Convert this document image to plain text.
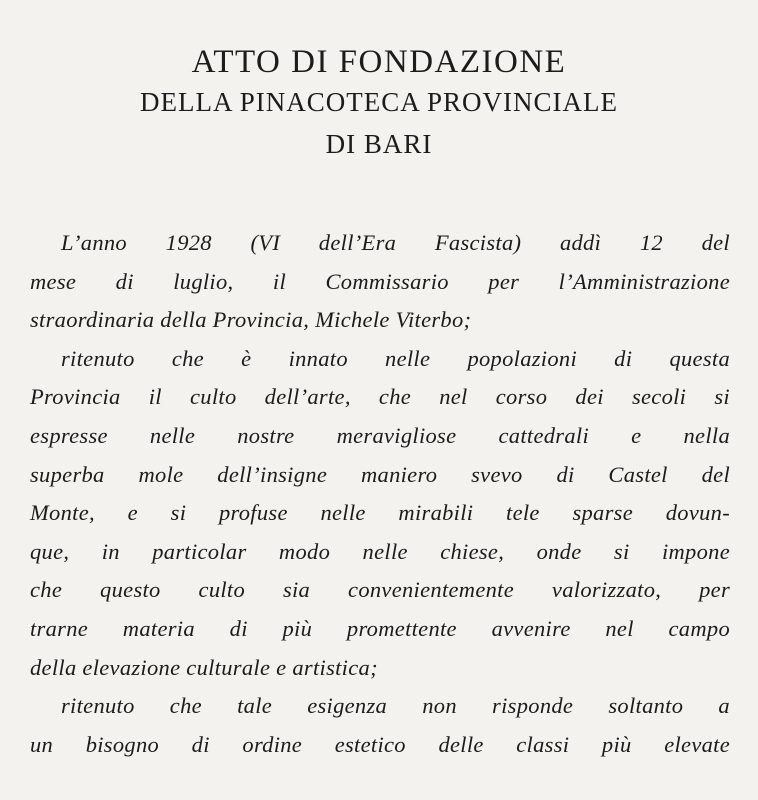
ATTO DI FONDAZIONE
DELLA PINACOTECA PROVINCIALE
DI BARI
L’anno 1928 (VI dell’Era Fascista) addì 12 del
mese di luglio, il Commissario per l’Amministrazione
straordinaria della Provincia, Michele Viterbo;
ritenuto che è innato nelle popolazioni di questa
Provincia il culto dell’arte, che nel corso dei secoli si
espresse nelle nostre meravigliose cattedrali e nella
superba mole dell’insigne maniero svevo di Castel del
Monte, e si profuse nelle mirabili tele sparse dovun-
que, in particolar modo nelle chiese, onde si impone
che questo culto sia convenientemente valorizzato, per
trarne materia di più promettente avvenire nel campo
della elevazione culturale e artistica;
ritenuto che tale esigenza non risponde soltanto a
un bisogno di ordine estetico delle classi più elevate
